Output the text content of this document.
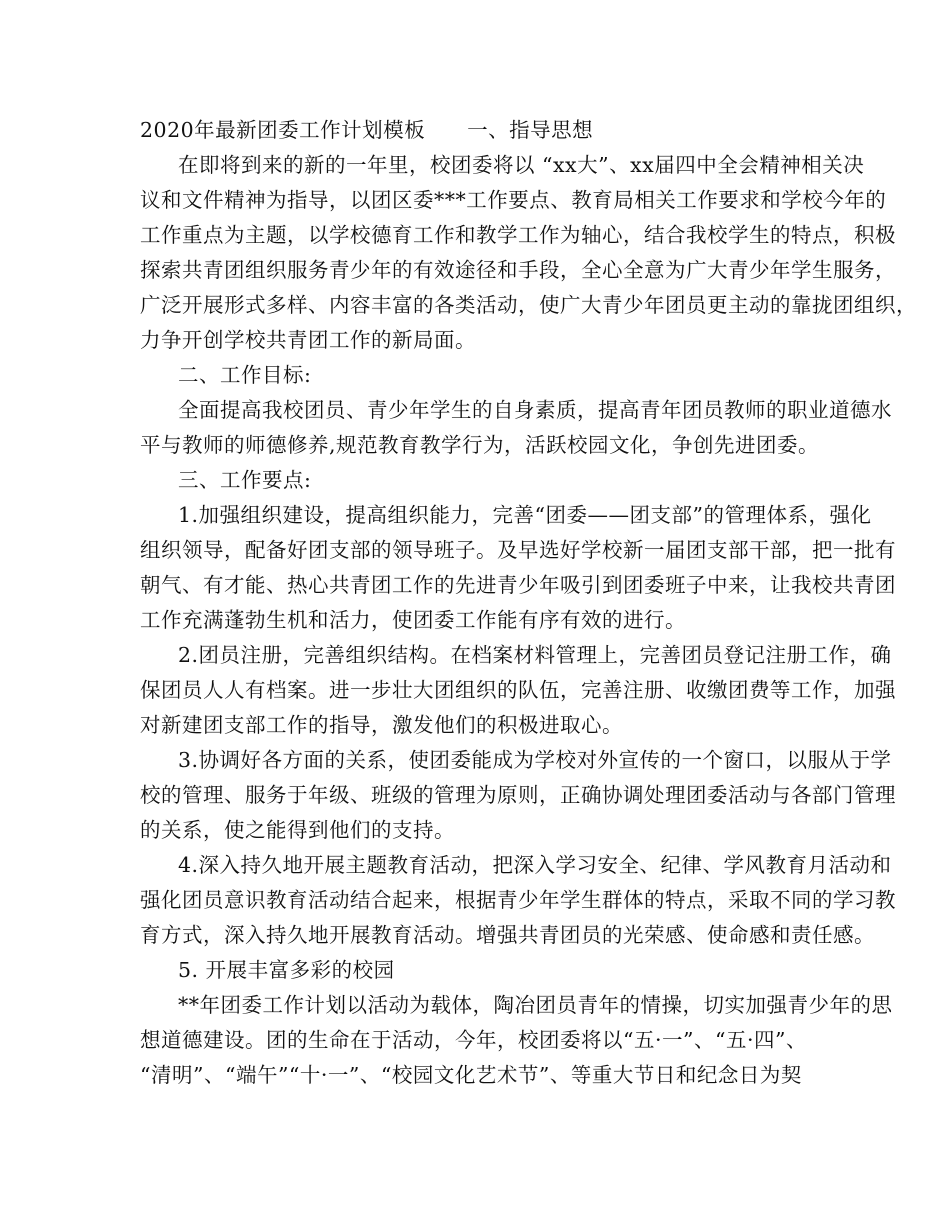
2020年最新团委工作计划模板 一、指导思想
在即将到来的新的一年里，校团委将以 “xx大”、xx届四中全会精神相关决
议和文件精神为指导，以团区委***工作要点、教育局相关工作要求和学校今年的
工作重点为主题，以学校德育工作和教学工作为轴心，结合我校学生的特点，积极
探索共青团组织服务青少年的有效途径和手段，全心全意为广大青少年学生服务，
广泛开展形式多样、内容丰富的各类活动，使广大青少年团员更主动的靠拢团组织，
力争开创学校共青团工作的新局面。
二、工作目标:
全面提高我校团员、青少年学生的自身素质，提高青年团员教师的职业道德水
平与教师的师德修养,规范教育教学行为，活跃校园文化，争创先进团委。
三、工作要点:
1.加强组织建设，提高组织能力，完善“团委——团支部”的管理体系，强化
组织领导，配备好团支部的领导班子。及早选好学校新一届团支部干部，把一批有
朝气、有才能、热心共青团工作的先进青少年吸引到团委班子中来，让我校共青团
工作充满蓬勃生机和活力，使团委工作能有序有效的进行。
2.团员注册，完善组织结构。在档案材料管理上，完善团员登记注册工作，确
保团员人人有档案。进一步壮大团组织的队伍，完善注册、收缴团费等工作，加强
对新建团支部工作的指导，激发他们的积极进取心。
3.协调好各方面的关系，使团委能成为学校对外宣传的一个窗口，以服从于学
校的管理、服务于年级、班级的管理为原则，正确协调处理团委活动与各部门管理
的关系，使之能得到他们的支持。
4.深入持久地开展主题教育活动，把深入学习安全、纪律、学风教育月活动和
强化团员意识教育活动结合起来，根据青少年学生群体的特点，采取不同的学习教
育方式，深入持久地开展教育活动。增强共青团员的光荣感、使命感和责任感。
5. 开展丰富多彩的校园
**年团委工作计划以活动为载体，陶冶团员青年的情操，切实加强青少年的思
想道德建设。团的生命在于活动，今年，校团委将以“五·一”、“五·四”、
“清明”、“端午”“十·一”、“校园文化艺术节”、等重大节日和纪念日为契
